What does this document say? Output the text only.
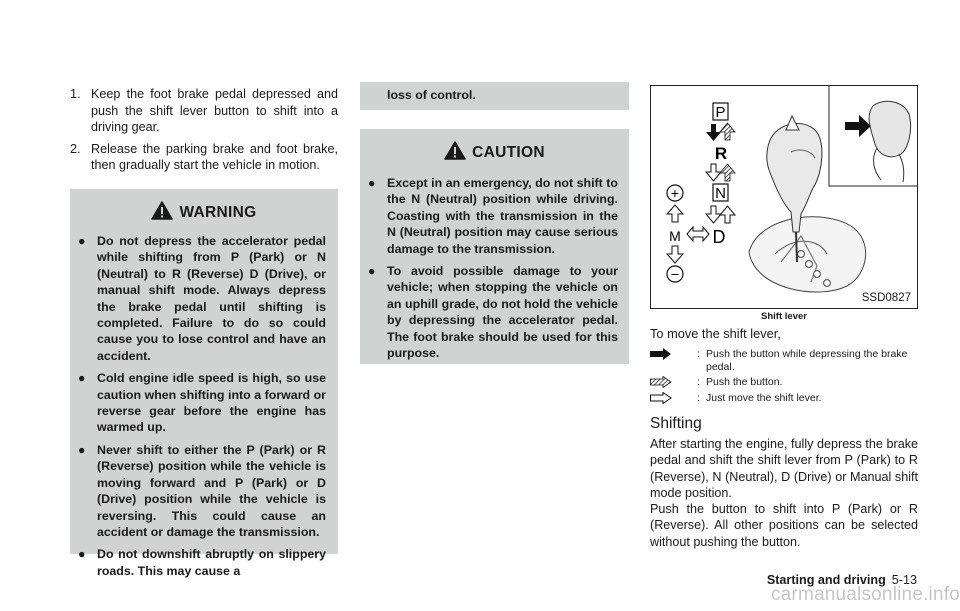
1. Keep the foot brake pedal depressed and push the shift lever button to shift into a driving gear.
2. Release the parking brake and foot brake, then gradually start the vehicle in motion.
WARNING
● Do not depress the accelerator pedal while shifting from P (Park) or N (Neutral) to R (Reverse) D (Drive), or manual shift mode. Always depress the brake pedal until shifting is completed. Failure to do so could cause you to lose control and have an accident.
● Cold engine idle speed is high, so use caution when shifting into a forward or reverse gear before the engine has warmed up.
● Never shift to either the P (Park) or R (Reverse) position while the vehicle is moving forward and P (Park) or D (Drive) position while the vehicle is reversing. This could cause an accident or damage the transmission.
● Do not downshift abruptly on slippery roads. This may cause a
loss of control.
CAUTION
● Except in an emergency, do not shift to the N (Neutral) position while driving. Coasting with the transmission in the N (Neutral) position may cause serious damage to the transmission.
● To avoid possible damage to your vehicle; when stopping the vehicle on an uphill grade, do not hold the vehicle by depressing the accelerator pedal. The foot brake should be used for this purpose.
P
R
N
D
+
M
−
SSD0827
Shift lever
To move the shift lever,
: Push the button while depressing the brake pedal.
: Push the button.
: Just move the shift lever.
Shifting
After starting the engine, fully depress the brake pedal and shift the shift lever from P (Park) to R (Reverse), N (Neutral), D (Drive) or Manual shift mode position.
Push the button to shift into P (Park) or R (Reverse). All other positions can be selected without pushing the button.
Starting and driving 5-13
carmanualsonline.info
